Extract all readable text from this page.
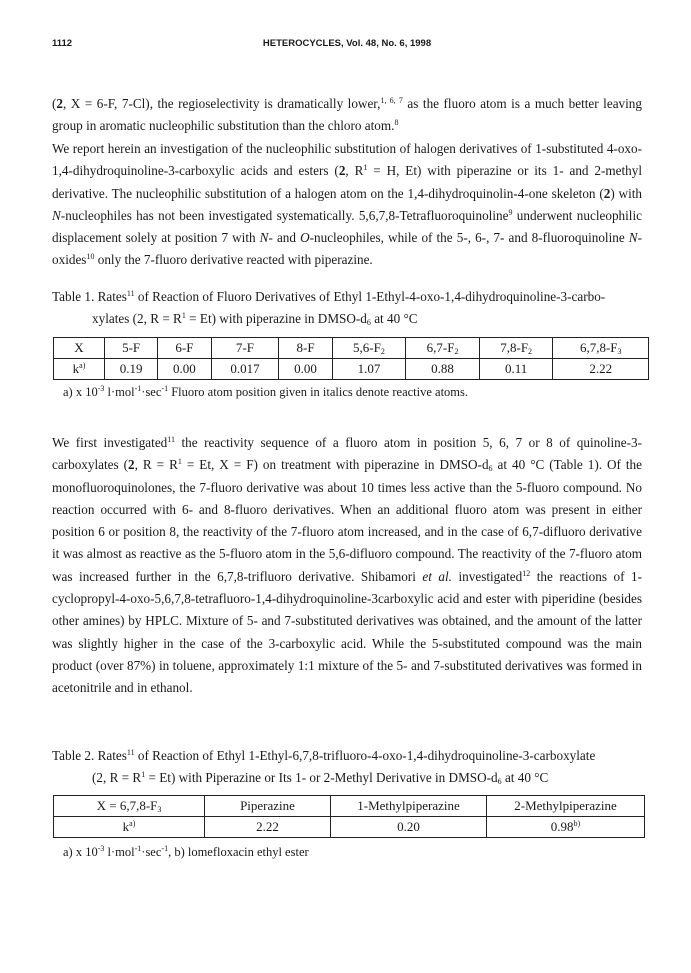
1112	HETEROCYCLES, Vol. 48, No. 6, 1998

(2, X = 6-F, 7-Cl), the regioselectivity is dramatically lower,$^{1, 6, 7}$ as the fluoro atom is a much better leaving group in aromatic nucleophilic substitution than the chloro atom.$^8$

We report herein an investigation of the nucleophilic substitution of halogen derivatives of 1-substituted 4-oxo-1,4-dihydroquinoline-3-carboxylic acids and esters (2, $R^1 = H$, Et) with piperazine or its 1- and 2-methyl derivative. The nucleophilic substitution of a halogen atom on the 1,4-dihydroquinolin-4-one skeleton (2) with N-nucleophiles has not been investigated systematically. 5,6,7,8-Tetrafluoroquinoline$^9$ underwent nucleophilic displacement solely at position 7 with N- and O-nucleophiles, while of the 5-, 6-, 7- and 8-fluoroquinoline N-oxides$^{10}$ only the 7-fluoro derivative reacted with piperazine.

Table 1. Rates$^{11}$ of Reaction of Fluoro Derivatives of Ethyl 1-Ethyl-4-oxo-1,4-dihydroquinoline-3-carbo-
xylates (2, $R = R^1 = Et$) with piperazine in DMSO-$d_6$ at 40 °C
X	5-F	6-F	7-F	8-F	$5,6-F_2$	$6,7-F_2$	$7,8-F_2$	$6,7,8-F_3$
$k^{a)}$	0.19	0.00	0.017	0.00	1.07	0.88	0.11	2.22
a) x $10^{-3}$ $l\cdot mol^{-1}\cdot\sec^{-1}$ Fluoro atom position given in italics denote reactive atoms.

We first investigated$^{11}$ the reactivity sequence of a fluoro atom in position 5, 6, 7 or 8 of quinoline-3-carboxylates (2, $R = R^1 = Et$, X = F) on treatment with piperazine in DMSO-$d_6$ at 40 °C (Table 1). Of the monofluoroquinolones, the 7-fluoro derivative was about 10 times less active than the 5-fluoro compound. No reaction occurred with 6- and 8-fluoro derivatives. When an additional fluoro atom was present in either position 6 or position 8, the reactivity of the 7-fluoro atom increased, and in the case of 6,7-difluoro derivative it was almost as reactive as the 5-fluoro atom in the 5,6-difluoro compound. The reactivity of the 7-fluoro atom was increased further in the 6,7,8-trifluoro derivative. Shibamori et al. investigated$^{12}$ the reactions of 1-cyclopropyl-4-oxo-5,6,7,8-tetrafluoro-1,4-dihydroquinoline-3carboxylic acid and ester with piperidine (besides other amines) by HPLC. Mixture of 5- and 7-substituted derivatives was obtained, and the amount of the latter was slightly higher in the case of the 3-carboxylic acid. While the 5-substituted compound was the main product (over 87%) in toluene, approximately 1:1 mixture of the 5- and 7-substituted derivatives was formed in acetonitrile and in ethanol.

Table 2. Rates$^{11}$ of Reaction of Ethyl 1-Ethyl-6,7,8-trifluoro-4-oxo-1,4-dihydroquinoline-3-carboxylate
(2, $R = R^1 = Et$) with Piperazine or Its 1- or 2-Methyl Derivative in DMSO-$d_6$ at 40 °C
$X = 6,7,8-F_3$	Piperazine	1-Methylpiperazine	2-Methylpiperazine
$k^{a)}$	2.22	0.20	0.98$^{b)}$
a) x $10^{-3}$ $l\cdot mol^{-1}\cdot\sec^{-1}$, b) lomefloxacin ethyl ester
